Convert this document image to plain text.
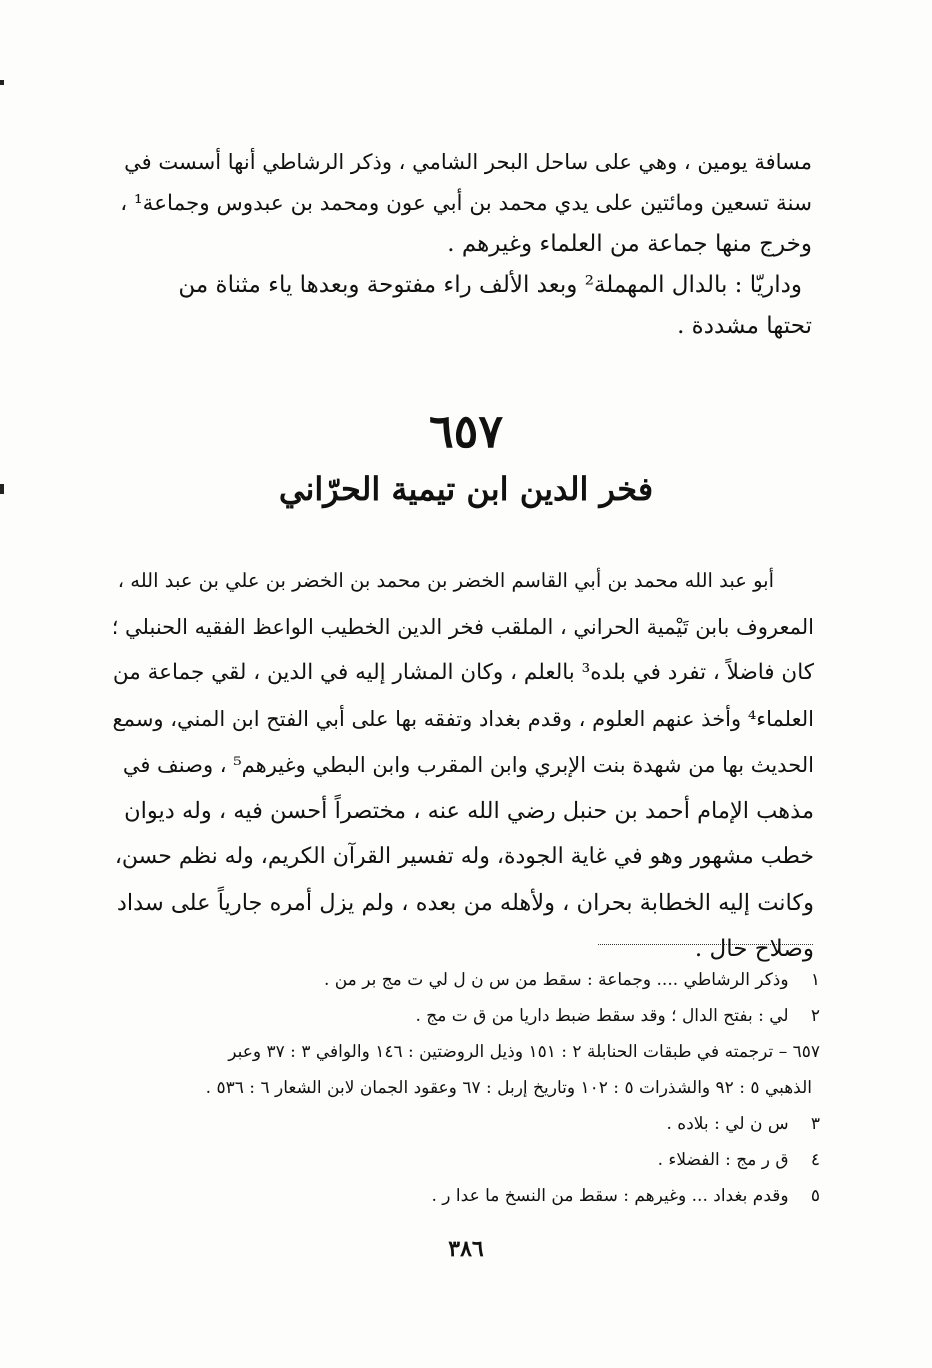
مسافة يومين ، وهي على ساحل البحر الشامي ، وذكر الرشاطي أنها أسست في
سنة تسعين ومائتين على يدي محمد بن أبي عون ومحمد بن عبدوس وجماعة¹ ،
وخرج منها جماعة من العلماء وغيرهم .
وداريّا : بالدال المهملة² وبعد الألف راء مفتوحة وبعدها ياء مثناة من
تحتها مشددة .
٦٥٧
فخر الدين ابن تيمية الحرّاني
أبو عبد الله محمد بن أبي القاسم الخضر بن محمد بن الخضر بن علي بن عبد الله ،
المعروف بابن تَيْمية الحراني ، الملقب فخر الدين الخطيب الواعظ الفقيه الحنبلي ؛
كان فاضلاً ، تفرد في بلده³ بالعلم ، وكان المشار إليه في الدين ، لقي جماعة من
العلماء⁴ وأخذ عنهم العلوم ، وقدم بغداد وتفقه بها على أبي الفتح ابن المني، وسمع
الحديث بها من شهدة بنت الإبري وابن المقرب وابن البطي وغيرهم⁵ ، وصنف في
مذهب الإمام أحمد بن حنبل رضي الله عنه ، مختصراً أحسن فيه ، وله ديوان
خطب مشهور وهو في غاية الجودة، وله تفسير القرآن الكريم، وله نظم حسن،
وكانت إليه الخطابة بحران ، ولأهله من بعده ، ولم يزل أمره جارياً على سداد
وصلاح حال .
١ وذكر الرشاطي .... وجماعة : سقط من س ن ل لي ت مج بر من .
٢ لي : بفتح الدال ؛ وقد سقط ضبط داريا من ق ت مج .
٦٥٧ – ترجمته في طبقات الحنابلة ٢ : ١٥١ وذيل الروضتين : ١٤٦ والوافي ٣ : ٣٧ وعبر
الذهبي ٥ : ٩٢ والشذرات ٥ : ١٠٢ وتاريخ إربل : ٦٧ وعقود الجمان لابن الشعار ٦ : ٥٣٦ .
٣ س ن لي : بلاده .
٤ ق ر مج : الفضلاء .
٥ وقدم بغداد ... وغيرهم : سقط من النسخ ما عدا ر .
٣٨٦
